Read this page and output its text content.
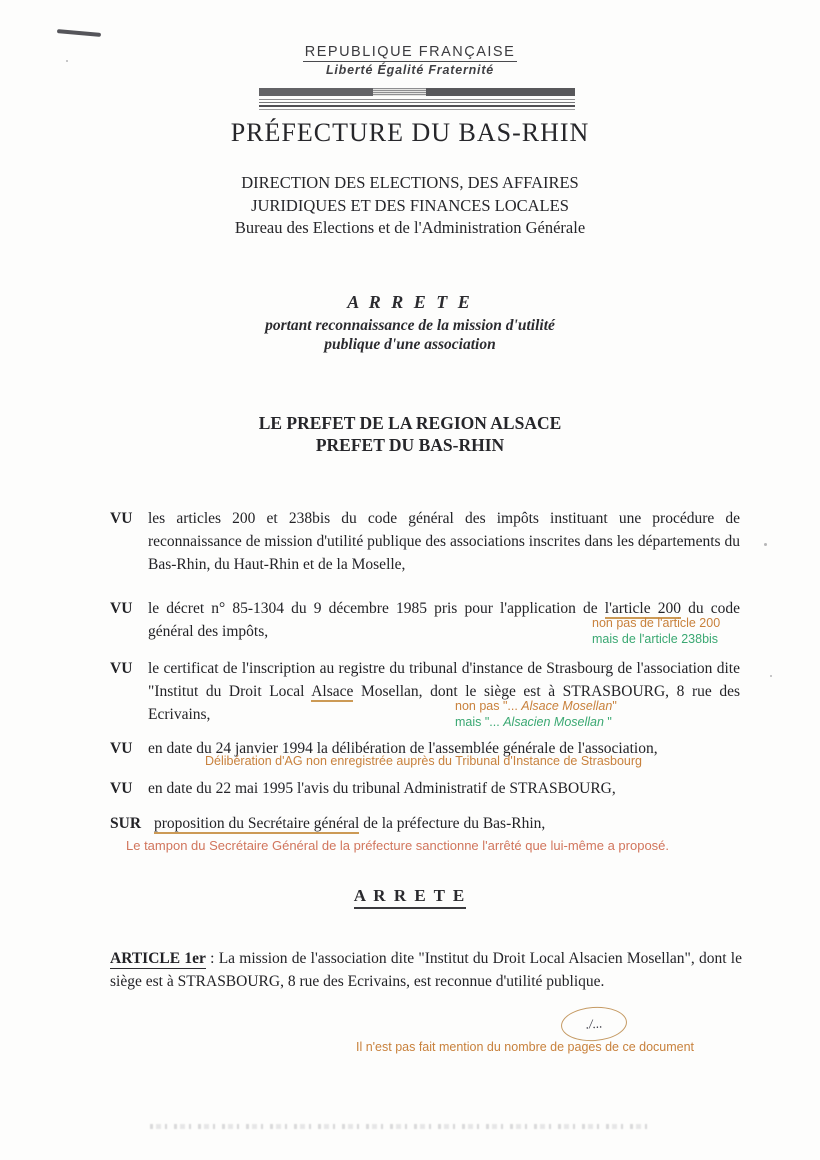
REPUBLIQUE FRANÇAISE
Liberté Égalité Fraternité
PRÉFECTURE DU BAS-RHIN
DIRECTION DES ELECTIONS, DES AFFAIRES
JURIDIQUES ET DES FINANCES LOCALES
Bureau des Elections et de l'Administration Générale
A R R E T E
portant reconnaissance de la mission d'utilité
publique d'une association
LE PREFET DE LA REGION ALSACE
PREFET DU BAS-RHIN
VU	les articles 200 et 238bis du code général des impôts instituant une procédure de reconnaissance de mission d'utilité publique des associations inscrites dans les départements du Bas-Rhin, du Haut-Rhin et de la Moselle,
VU	le décret n° 85-1304 du 9 décembre 1985 pris pour l'application de l'article 200 du code général des impôts,	non pas de l'article 200
mais de l'article 238bis
VU	le certificat de l'inscription au registre du tribunal d'instance de Strasbourg de l'association dite "Institut du Droit Local Alsace Mosellan, dont le siège est à STRASBOURG, 8 rue des Ecrivains,	non pas "... Alsace Mosellan"
mais "... Alsacien Mosellan "
VU	en date du 24 janvier 1994 la délibération de l'assemblée générale de l'association,
Délibération d'AG non enregistrée auprès du Tribunal d'Instance de Strasbourg
VU	en date du 22 mai 1995 l'avis du tribunal Administratif de STRASBOURG,
SUR proposition du Secrétaire général de la préfecture du Bas-Rhin,
Le tampon du Secrétaire Général de la préfecture sanctionne l'arrêté que lui-même a proposé.
A R R E T E
ARTICLE 1er : La mission de l'association dite "Institut du Droit Local Alsacien Mosellan", dont le siège est à STRASBOURG, 8 rue des Ecrivains, est reconnue d'utilité publique.
./...
Il n'est pas fait mention du nombre de pages de ce document
